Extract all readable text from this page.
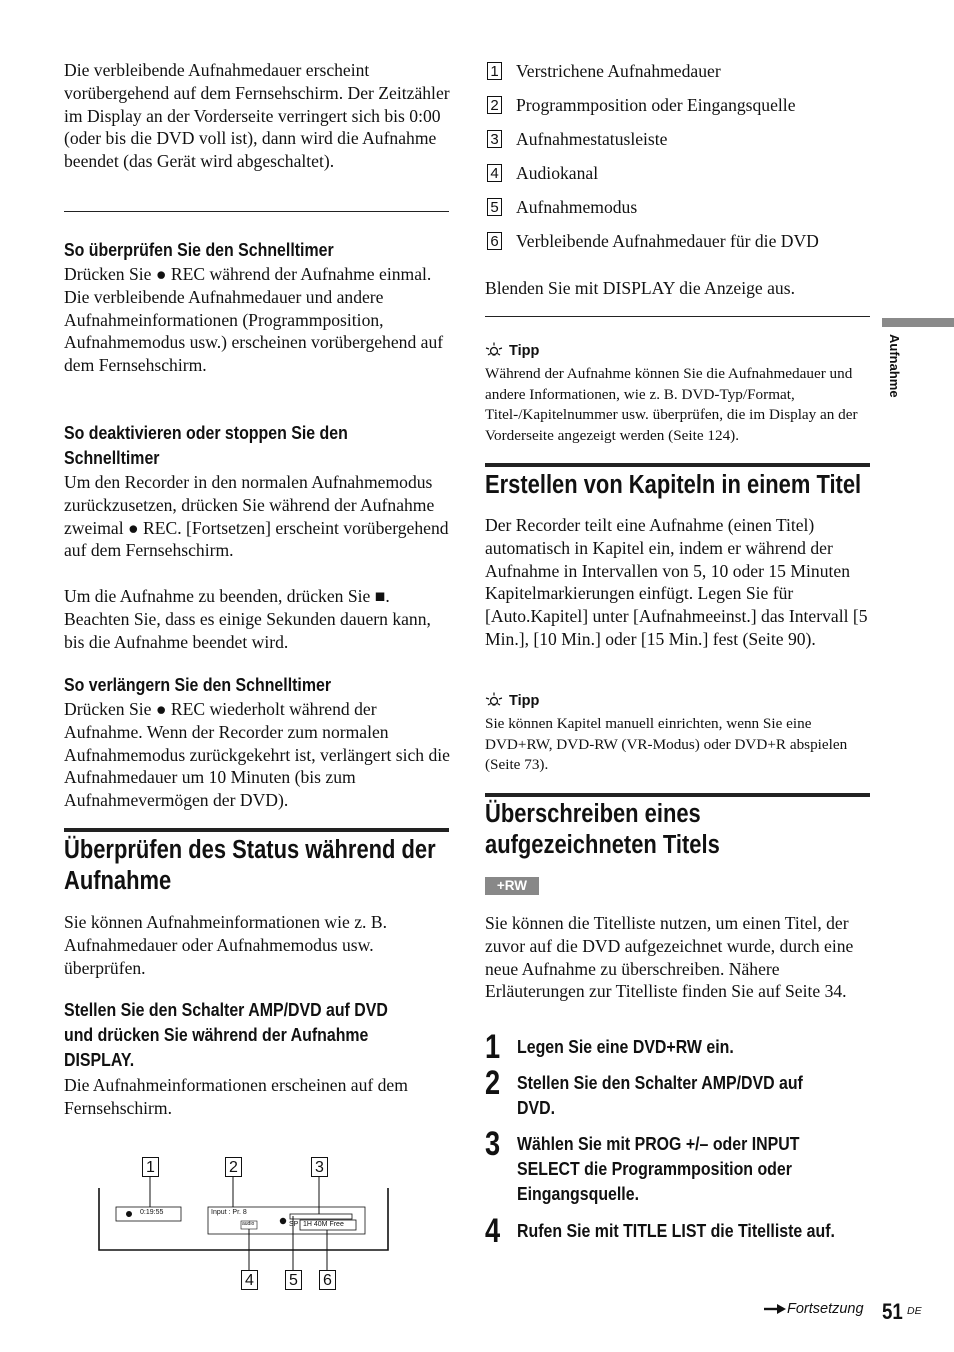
Die verbleibende Aufnahmedauer erscheint vorübergehend auf dem Fernsehschirm. Der Zeitzähler im Display an der Vorderseite verringert sich bis 0:00 (oder bis die DVD voll ist), dann wird die Aufnahme beendet (das Gerät wird abgeschaltet).

So überprüfen Sie den Schnelltimer

Drücken Sie ● REC während der Aufnahme einmal. Die verbleibende Aufnahmedauer und andere Aufnahmeinformationen (Programmposition, Aufnahmemodus usw.) erscheinen vorübergehend auf dem Fernsehschirm.

So deaktivieren oder stoppen Sie den
Schnelltimer

Um den Recorder in den normalen Aufnahmemodus zurückzusetzen, drücken Sie während der Aufnahme zweimal ● REC. [Fortsetzen] erscheint vorübergehend auf dem Fernsehschirm.

Um die Aufnahme zu beenden, drücken Sie ■. Beachten Sie, dass es einige Sekunden dauern kann, bis die Aufnahme beendet wird.

So verlängern Sie den Schnelltimer

Drücken Sie ● REC wiederholt während der Aufnahme. Wenn der Recorder zum normalen Aufnahmemodus zurückgekehrt ist, verlängert sich die Aufnahmedauer um 10 Minuten (bis zum Aufnahmevermögen der DVD).

Überprüfen des Status während der
Aufnahme

Sie können Aufnahmeinformationen wie z. B. Aufnahmedauer oder Aufnahmemodus usw. überprüfen.

Stellen Sie den Schalter AMP/DVD auf DVD
und drücken Sie während der Aufnahme
DISPLAY.

Die Aufnahmeinformationen erscheinen auf dem Fernsehschirm.

1	2	3
4 5 6
0:19:55	Input : Pr. 8
audio	SP 1H 40M Free
1 Verstrichene Aufnahmedauer
2 Programmposition oder Eingangsquelle
3 Aufnahmestatusleiste
4 Audiokanal
5 Aufnahmemodus
6 Verbleibende Aufnahmedauer für die DVD

Blenden Sie mit DISPLAY die Anzeige aus.

Tipp

Während der Aufnahme können Sie die Aufnahmedauer und andere Informationen, wie z. B. DVD-Typ/Format, Titel-/Kapitelnummer usw. überprüfen, die im Display an der Vorderseite angezeigt werden (Seite 124).

Erstellen von Kapiteln in einem Titel

Der Recorder teilt eine Aufnahme (einen Titel) automatisch in Kapitel ein, indem er während der Aufnahme in Intervallen von 5, 10 oder 15 Minuten Kapitelmarkierungen einfügt. Legen Sie für [Auto.Kapitel] unter [Aufnahmeeinst.] das Intervall [5 Min.], [10 Min.] oder [15 Min.] fest (Seite 90).

Tipp

Sie können Kapitel manuell einrichten, wenn Sie eine DVD+RW, DVD-RW (VR-Modus) oder DVD+R abspielen (Seite 73).

Überschreiben eines
aufgezeichneten Titels
+RW

Sie können die Titelliste nutzen, um einen Titel, der zuvor auf die DVD aufgezeichnet wurde, durch eine neue Aufnahme zu überschreiben. Nähere Erläuterungen zur Titelliste finden Sie auf Seite 34.

1 Legen Sie eine DVD+RW ein.
2 Stellen Sie den Schalter AMP/DVD auf
DVD.
3 Wählen Sie mit PROG +/– oder INPUT
SELECT die Programmposition oder
Eingangsquelle.
4 Rufen Sie mit TITLE LIST die Titelliste auf.
Aufnahme
Fortsetzung 51 DE
